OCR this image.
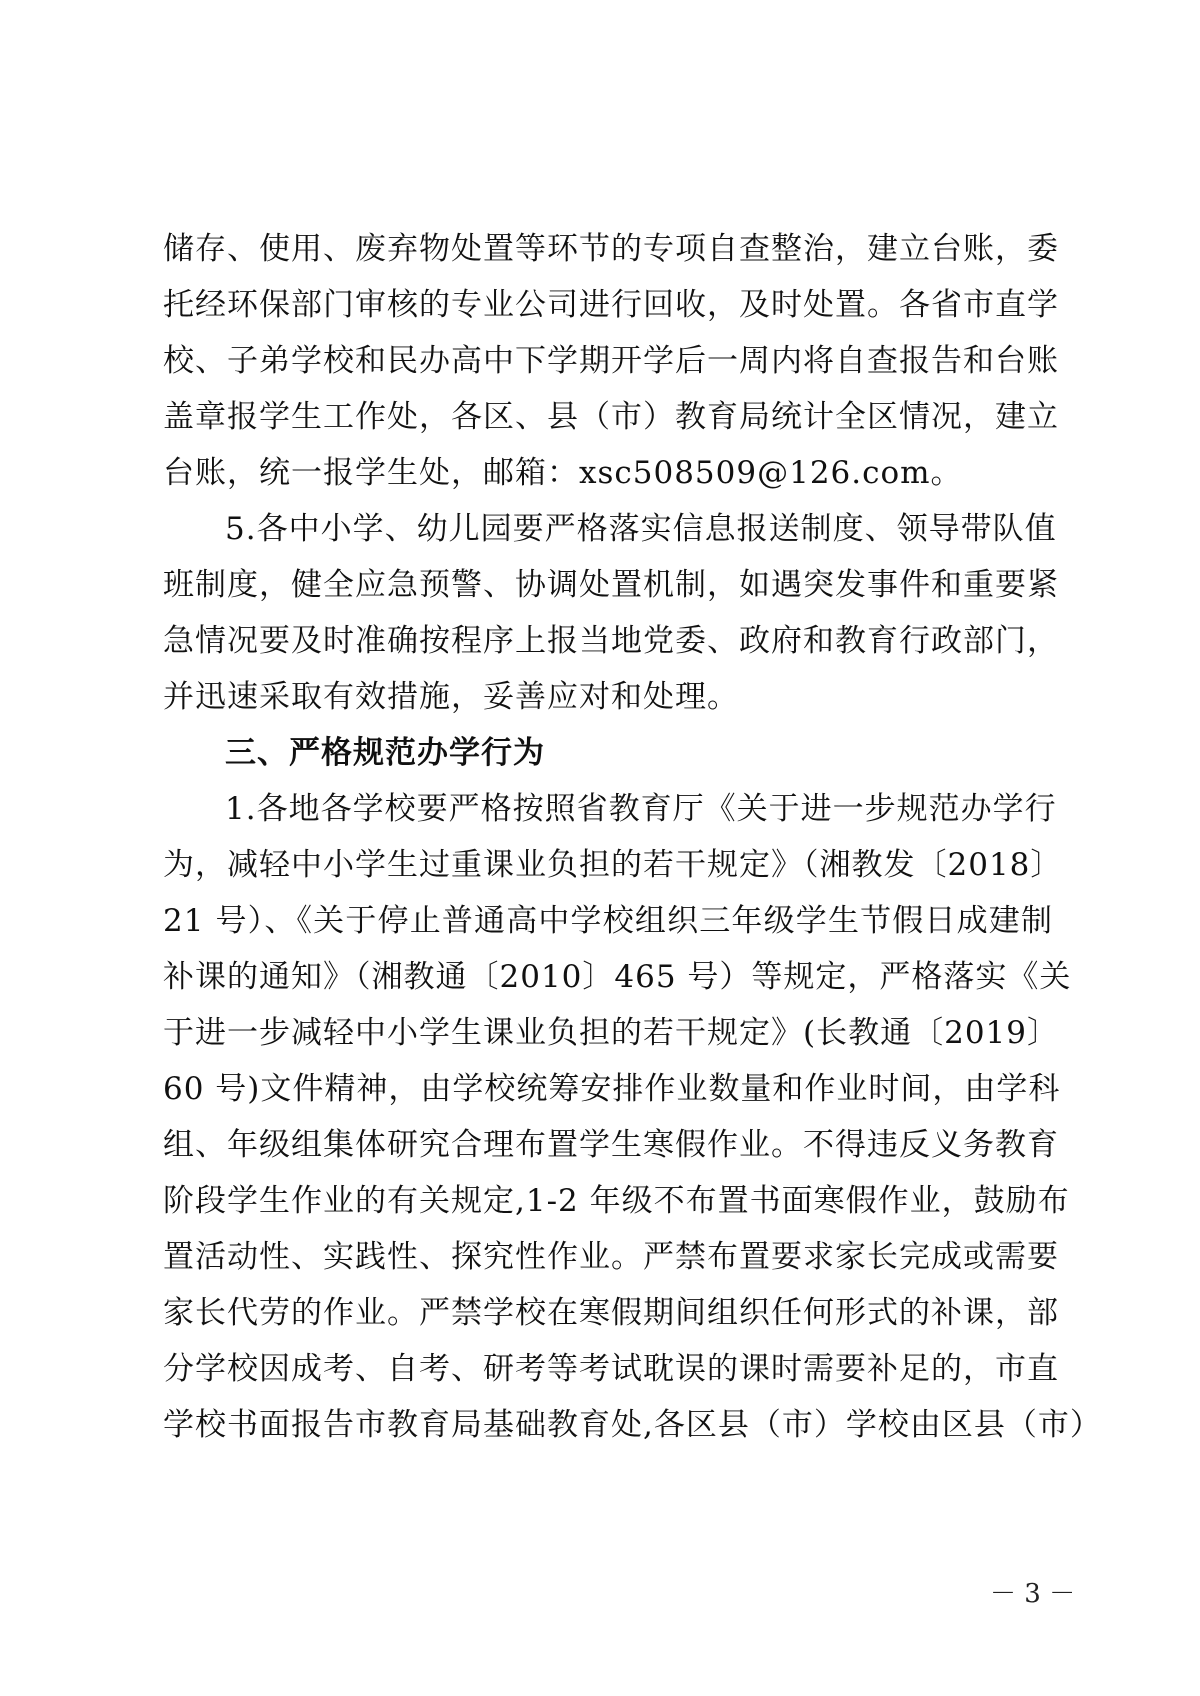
储存、使用、废弃物处置等环节的专项自查整治，建立台账，委
托经环保部门审核的专业公司进行回收，及时处置。各省市直学
校、子弟学校和民办高中下学期开学后一周内将自查报告和台账
盖章报学生工作处，各区、县（市）教育局统计全区情况，建立
台账，统一报学生处，邮箱：xsc508509@126.com。
5.各中小学、幼儿园要严格落实信息报送制度、领导带队值
班制度，健全应急预警、协调处置机制，如遇突发事件和重要紧
急情况要及时准确按程序上报当地党委、政府和教育行政部门，
并迅速采取有效措施，妥善应对和处理。
三、严格规范办学行为
1.各地各学校要严格按照省教育厅《关于进一步规范办学行
为，减轻中小学生过重课业负担的若干规定》（湘教发〔2018〕
21 号）、《关于停止普通高中学校组织三年级学生节假日成建制
补课的通知》（湘教通〔2010〕465 号）等规定，严格落实《关
于进一步减轻中小学生课业负担的若干规定》(长教通〔2019〕
60 号)文件精神，由学校统筹安排作业数量和作业时间，由学科
组、年级组集体研究合理布置学生寒假作业。不得违反义务教育
阶段学生作业的有关规定,1-2 年级不布置书面寒假作业，鼓励布
置活动性、实践性、探究性作业。严禁布置要求家长完成或需要
家长代劳的作业。严禁学校在寒假期间组织任何形式的补课，部
分学校因成考、自考、研考等考试耽误的课时需要补足的，市直
学校书面报告市教育局基础教育处,各区县（市）学校由区县（市）
－ 3 －
